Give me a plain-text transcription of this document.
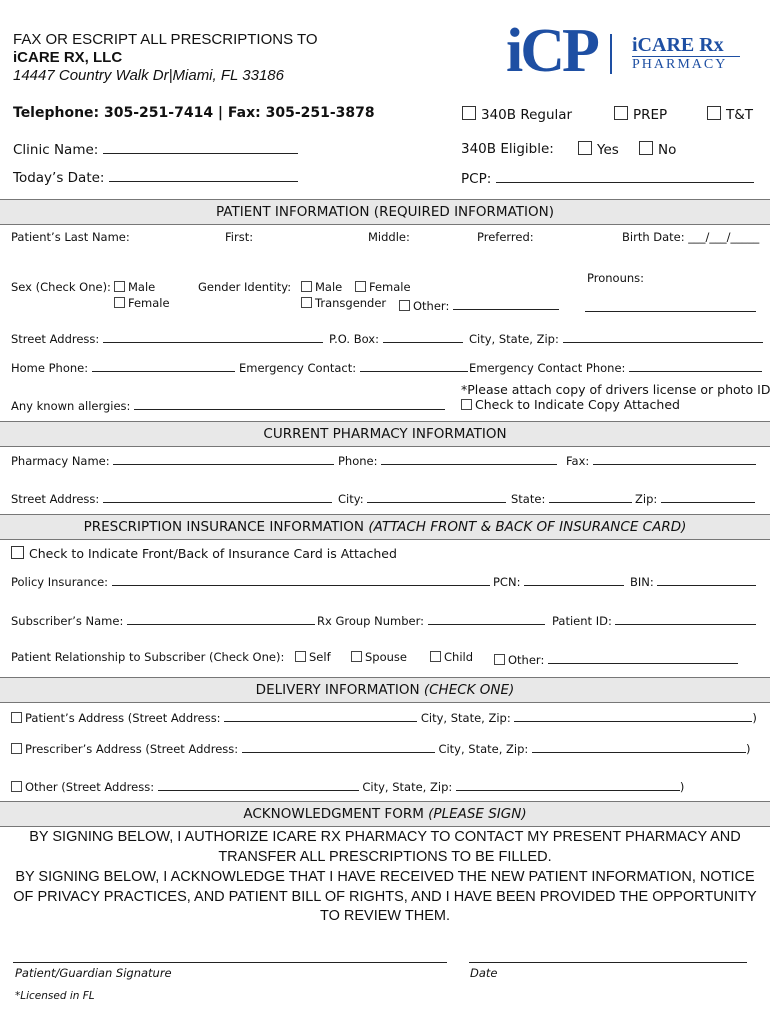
FAX OR ESCRIPT ALL PRESCRIPTIONS TO
iCARE RX, LLC
14447 Country Walk Dr|Miami, FL 33186	iCP iCARE Rx
PHARMACY
Telephone: 305-251-7414 | Fax: 305-251-3878	340B Regular	PREP	T&T
Clinic Name:	340B Eligible:	Yes	No
Today’s Date:	PCP:
PATIENT INFORMATION (REQUIRED INFORMATION)
Patient’s Last Name:	First:	Middle:	Preferred:	Birth Date: ___/___/_____
Sex (Check One):	Male
Female
Gender Identity:	Male	Female
Transgender	Other:
Pronouns:
Street Address:	P.O. Box:	City, State, Zip:
Home Phone:	Emergency Contact:	Emergency Contact Phone:
*Please attach copy of drivers license or photo ID
Check to Indicate Copy Attached
Any known allergies:
CURRENT PHARMACY INFORMATION
Pharmacy Name:	Phone:	Fax:
Street Address:	City:	State:	Zip:
PRESCRIPTION INSURANCE INFORMATION (ATTACH FRONT & BACK OF INSURANCE CARD)
Check to Indicate Front/Back of Insurance Card is Attached
Policy Insurance:	PCN:	BIN:
Subscriber’s Name:	Rx Group Number:	Patient ID:
Patient Relationship to Subscriber (Check One):	Self	Spouse	Child	Other:
DELIVERY INFORMATION (CHECK ONE)
Patient’s Address (Street Address:	City, State, Zip:	)
Prescriber’s Address (Street Address:	City, State, Zip:	)
Other (Street Address:	City, State, Zip:	)
ACKNOWLEDGMENT FORM (PLEASE SIGN)
BY SIGNING BELOW, I AUTHORIZE ICARE RX PHARMACY TO CONTACT MY PRESENT PHARMACY AND
TRANSFER ALL PRESCRIPTIONS TO BE FILLED.
BY SIGNING BELOW, I ACKNOWLEDGE THAT I HAVE RECEIVED THE NEW PATIENT INFORMATION, NOTICE
OF PRIVACY PRACTICES, AND PATIENT BILL OF RIGHTS, AND I HAVE BEEN PROVIDED THE OPPORTUNITY
TO REVIEW THEM.
Patient/Guardian Signature	Date
*Licensed in FL
